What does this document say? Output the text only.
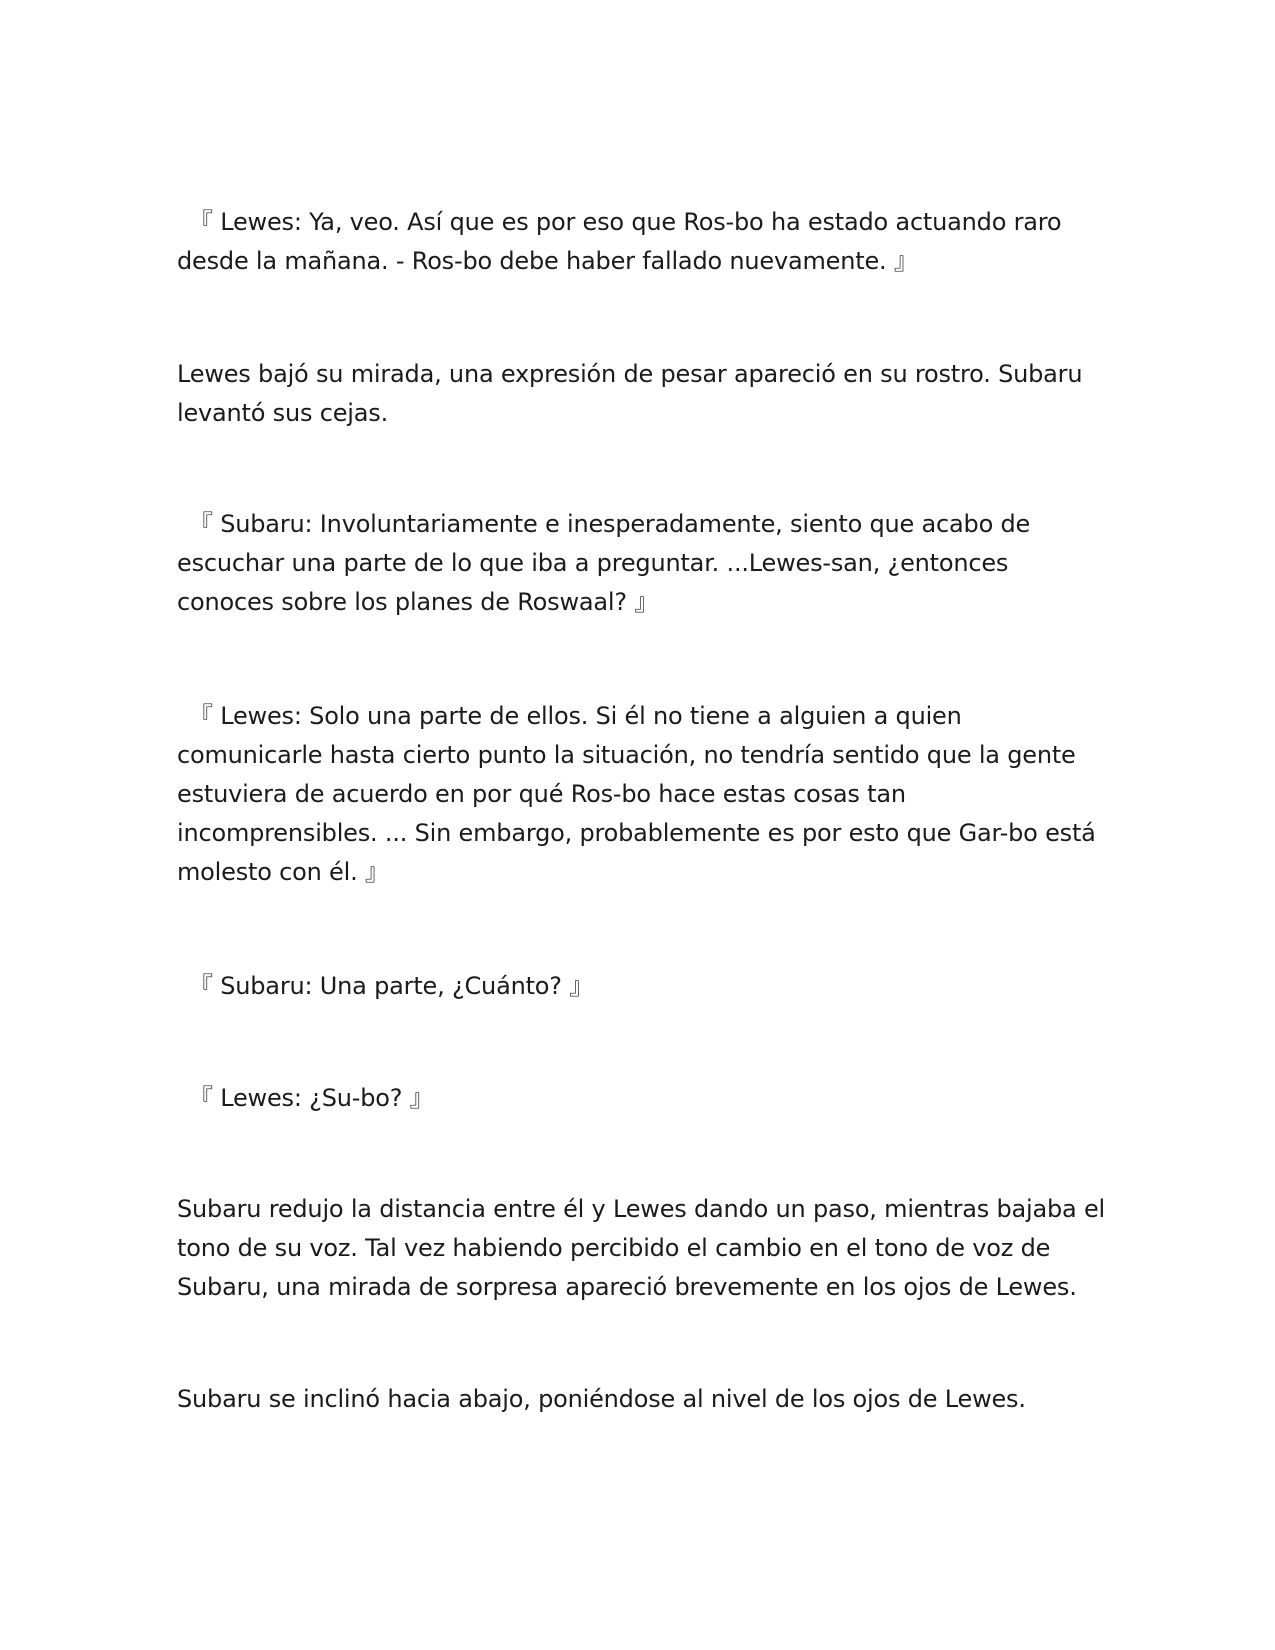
『 Lewes: Ya, veo. Así que es por eso que Ros-bo ha estado actuando raro
desde la mañana. - Ros-bo debe haber fallado nuevamente. 』

Lewes bajó su mirada, una expresión de pesar apareció en su rostro. Subaru
levantó sus cejas.

『 Subaru: Involuntariamente e inesperadamente, siento que acabo de
escuchar una parte de lo que iba a preguntar. ...Lewes-san, ¿entonces
conoces sobre los planes de Roswaal? 』

『 Lewes: Solo una parte de ellos. Si él no tiene a alguien a quien
comunicarle hasta cierto punto la situación, no tendría sentido que la gente
estuviera de acuerdo en por qué Ros-bo hace estas cosas tan
incomprensibles. ... Sin embargo, probablemente es por esto que Gar-bo está
molesto con él. 』

『 Subaru: Una parte, ¿Cuánto? 』

『 Lewes: ¿Su-bo? 』

Subaru redujo la distancia entre él y Lewes dando un paso, mientras bajaba el
tono de su voz. Tal vez habiendo percibido el cambio en el tono de voz de
Subaru, una mirada de sorpresa apareció brevemente en los ojos de Lewes.

Subaru se inclinó hacia abajo, poniéndose al nivel de los ojos de Lewes.
